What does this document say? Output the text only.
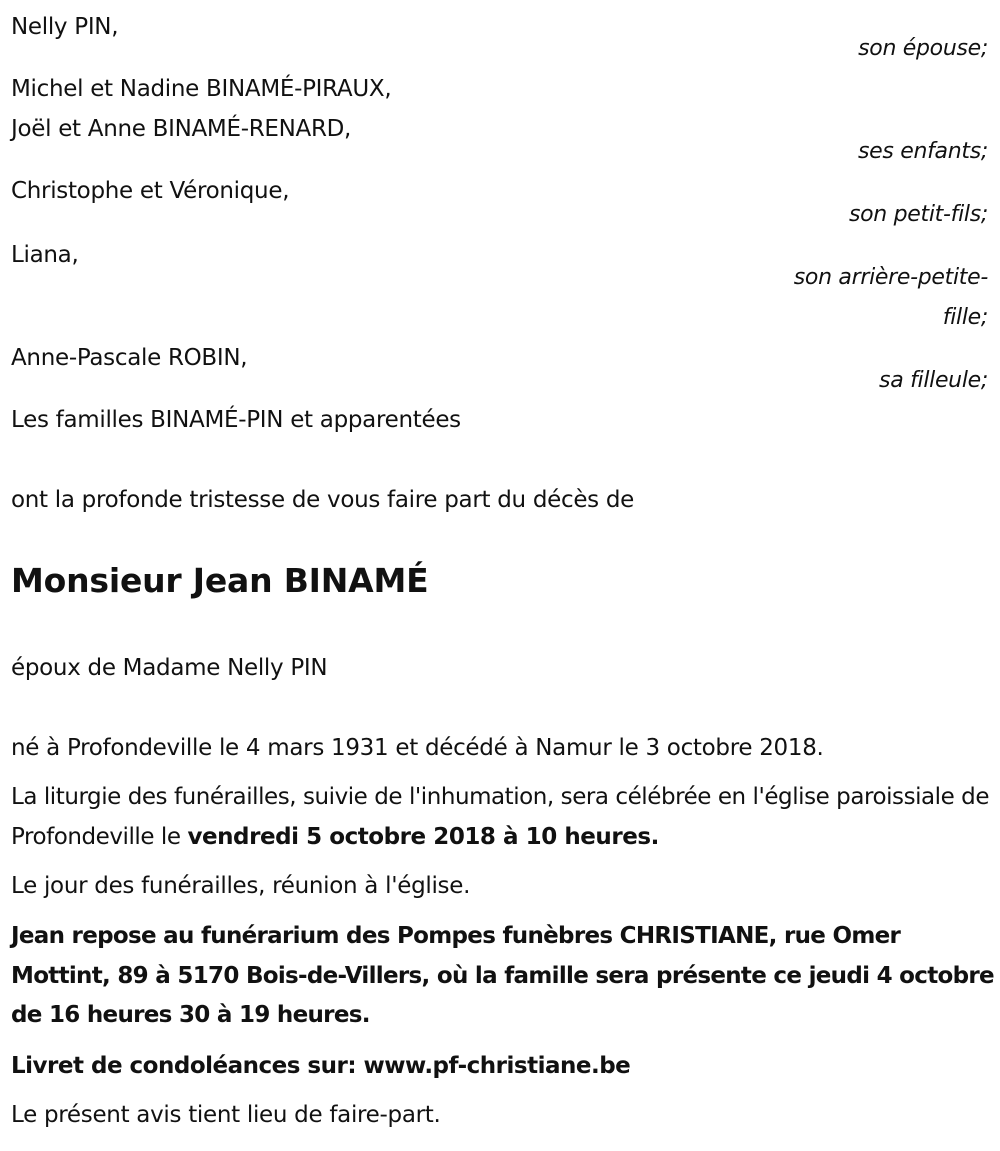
Nelly PIN,
son épouse;
Michel et Nadine BINAMÉ-PIRAUX,
Joël et Anne BINAMÉ-RENARD,
ses enfants;
Christophe et Véronique,
son petit-fils;
Liana,
son arrière-petite-
fille;
Anne-Pascale ROBIN,
sa filleule;
Les familles BINAMÉ-PIN et apparentées
ont la profonde tristesse de vous faire part du décès de
Monsieur Jean BINAMÉ
époux de Madame Nelly PIN
né à Profondeville le 4 mars 1931 et décédé à Namur le 3 octobre 2018.
La liturgie des funérailles, suivie de l'inhumation, sera célébrée en l'église paroissiale de Profondeville le vendredi 5 octobre 2018 à 10 heures.
Le jour des funérailles, réunion à l'église.
Jean repose au funérarium des Pompes funèbres CHRISTIANE, rue Omer Mottint, 89 à 5170 Bois-de-Villers, où la famille sera présente ce jeudi 4 octobre de 16 heures 30 à 19 heures.
Livret de condoléances sur: www.pf-christiane.be
Le présent avis tient lieu de faire-part.
